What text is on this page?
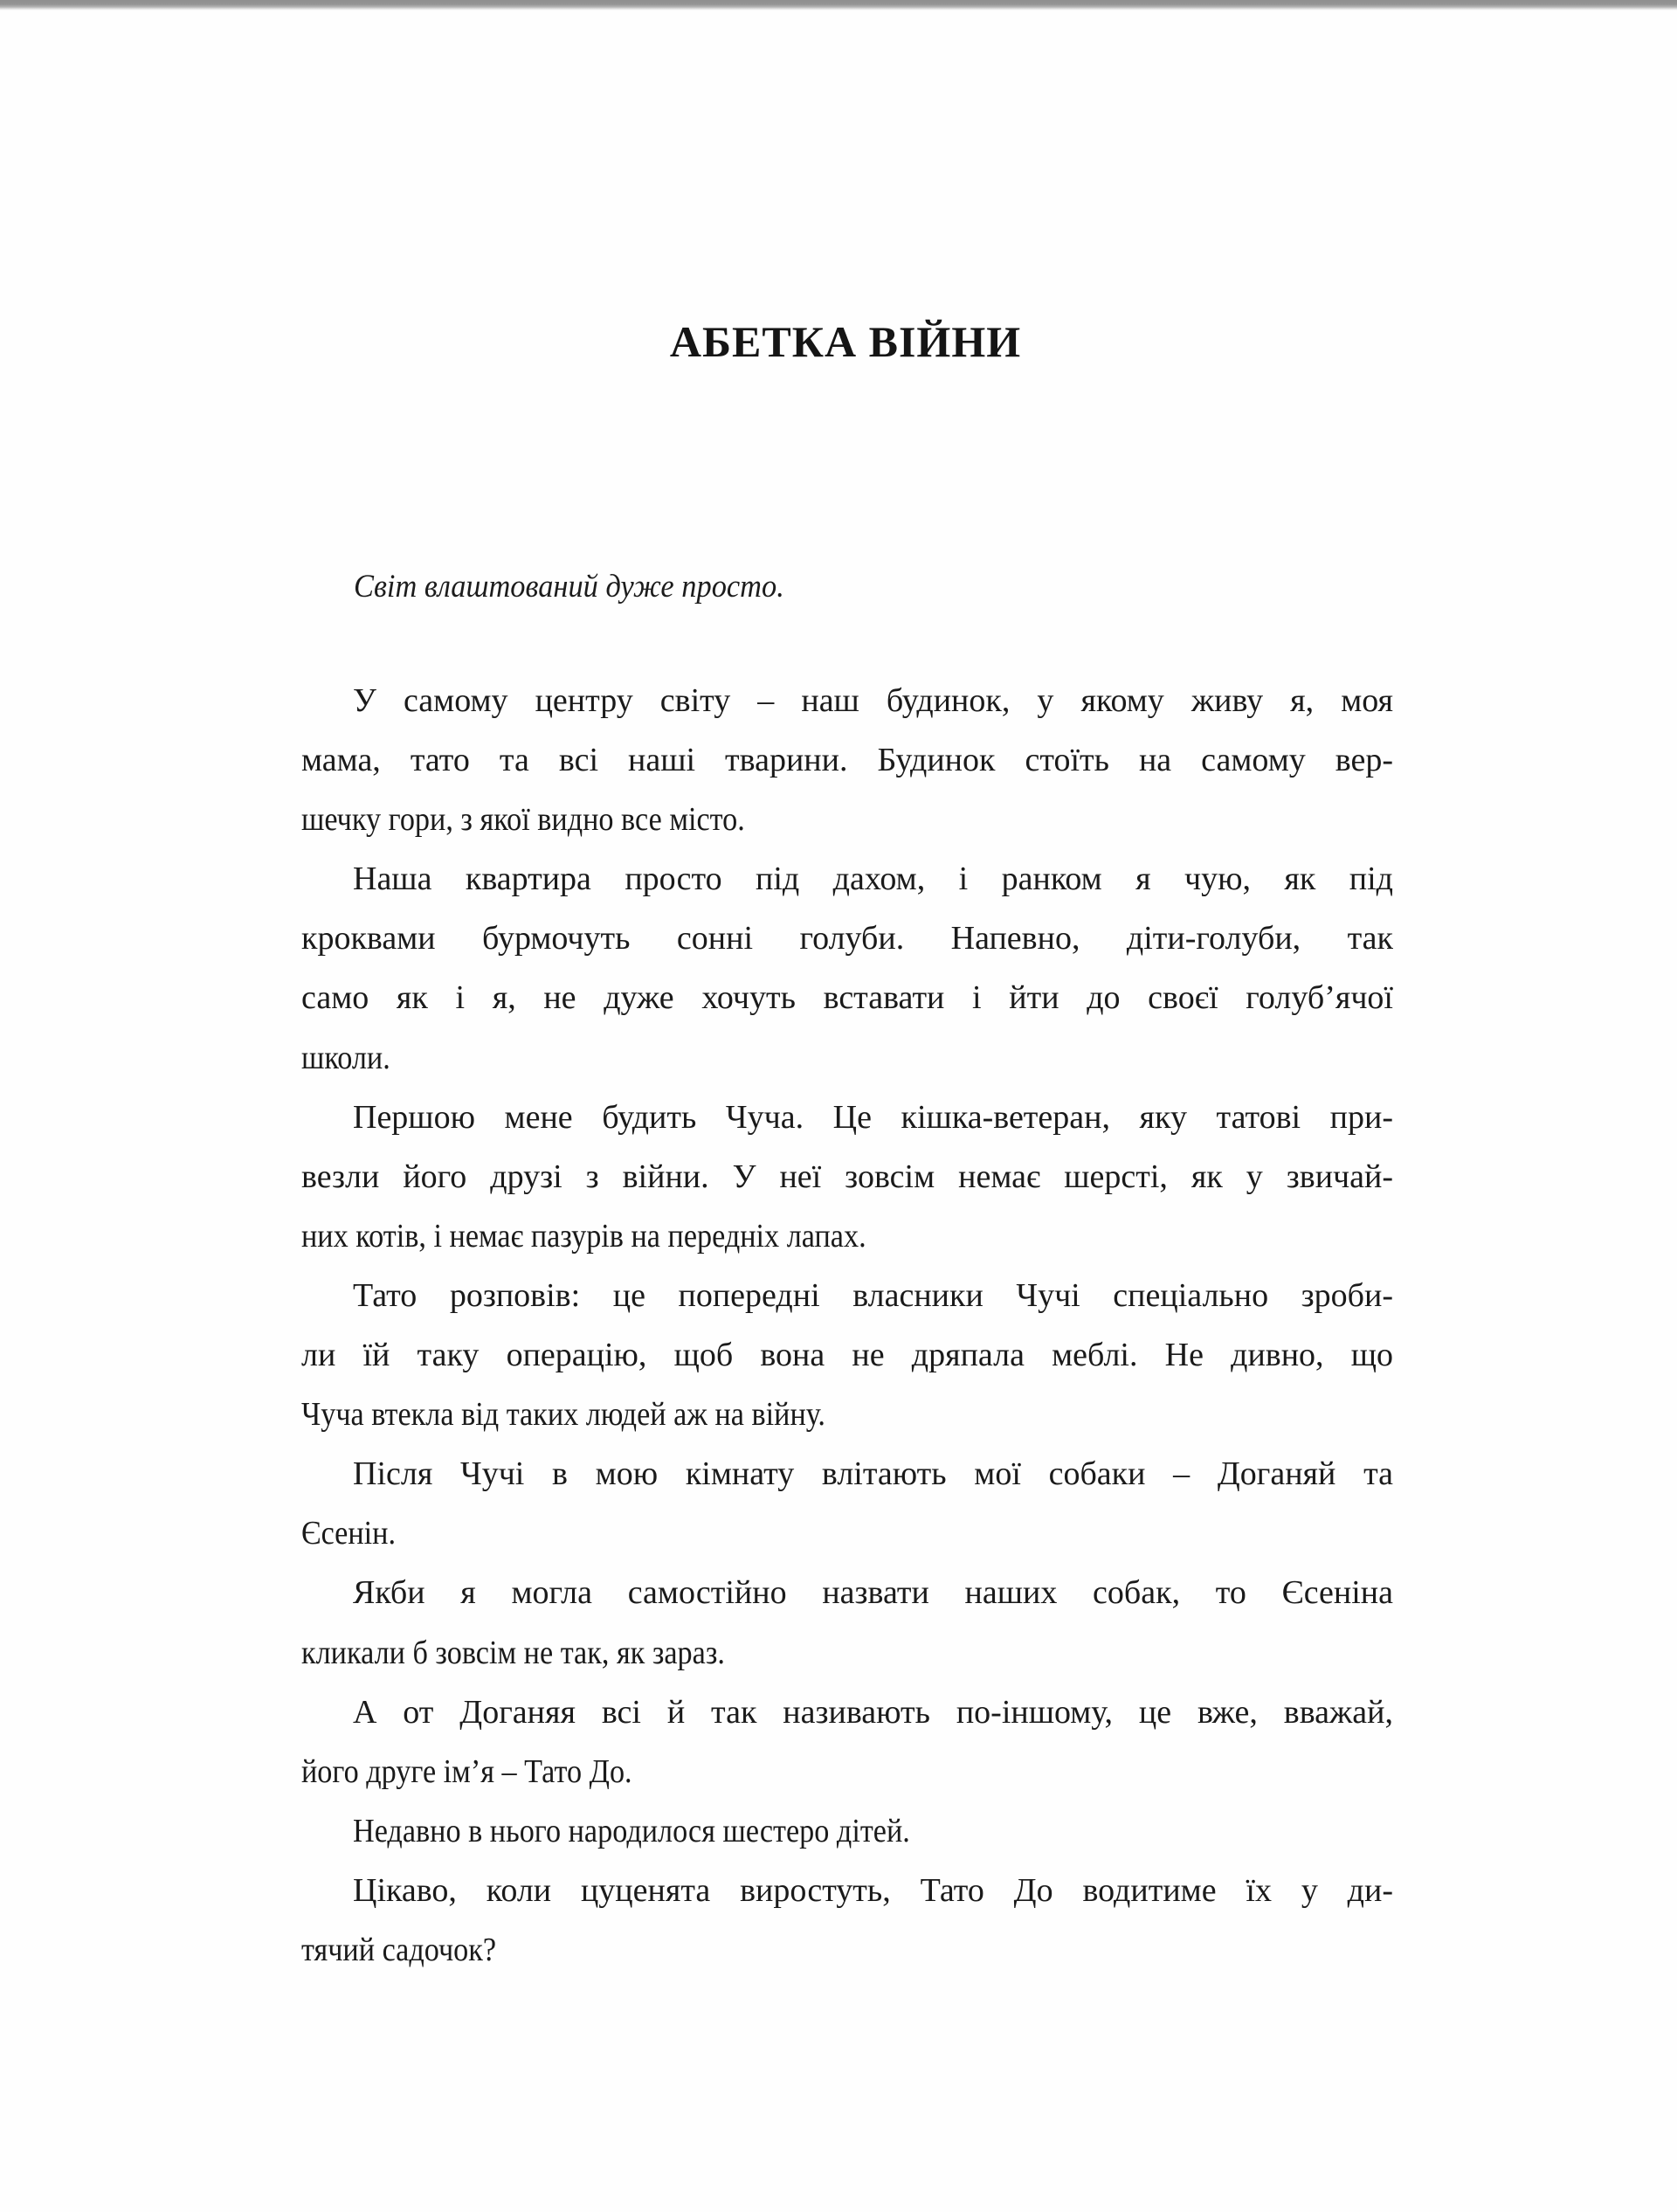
АБЕТКА ВІЙНИ
Світ влаштований дуже просто.
У самому центру світу – наш будинок, у якому живу я, моя
мама, тато та всі наші тварини. Будинок стоїть на самому вер-
шечку гори, з якої видно все місто.
Наша квартира просто під дахом, і ранком я чую, як під
кроквами бурмочуть сонні голуби. Напевно, діти-голуби, так
само як і я, не дуже хочуть вставати і йти до своєї голуб’ячої
школи.
Першою мене будить Чуча. Це кішка-ветеран, яку татові при-
везли його друзі з війни. У неї зовсім немає шерсті, як у звичай-
них котів, і немає пазурів на передніх лапах.
Тато розповів: це попередні власники Чучі спеціально зроби-
ли їй таку операцію, щоб вона не дряпала меблі. Не дивно, що
Чуча втекла від таких людей аж на війну.
Після Чучі в мою кімнату влітають мої собаки – Доганяй та
Єсенін.
Якби я могла самостійно назвати наших собак, то Єсеніна
кликали б зовсім не так, як зараз.
А от Доганяя всі й так називають по-іншому, це вже, вважай,
його друге ім’я – Тато До.
Недавно в нього народилося шестеро дітей.
Цікаво, коли цуценята виростуть, Тато До водитиме їх у ди-
тячий садочок?
